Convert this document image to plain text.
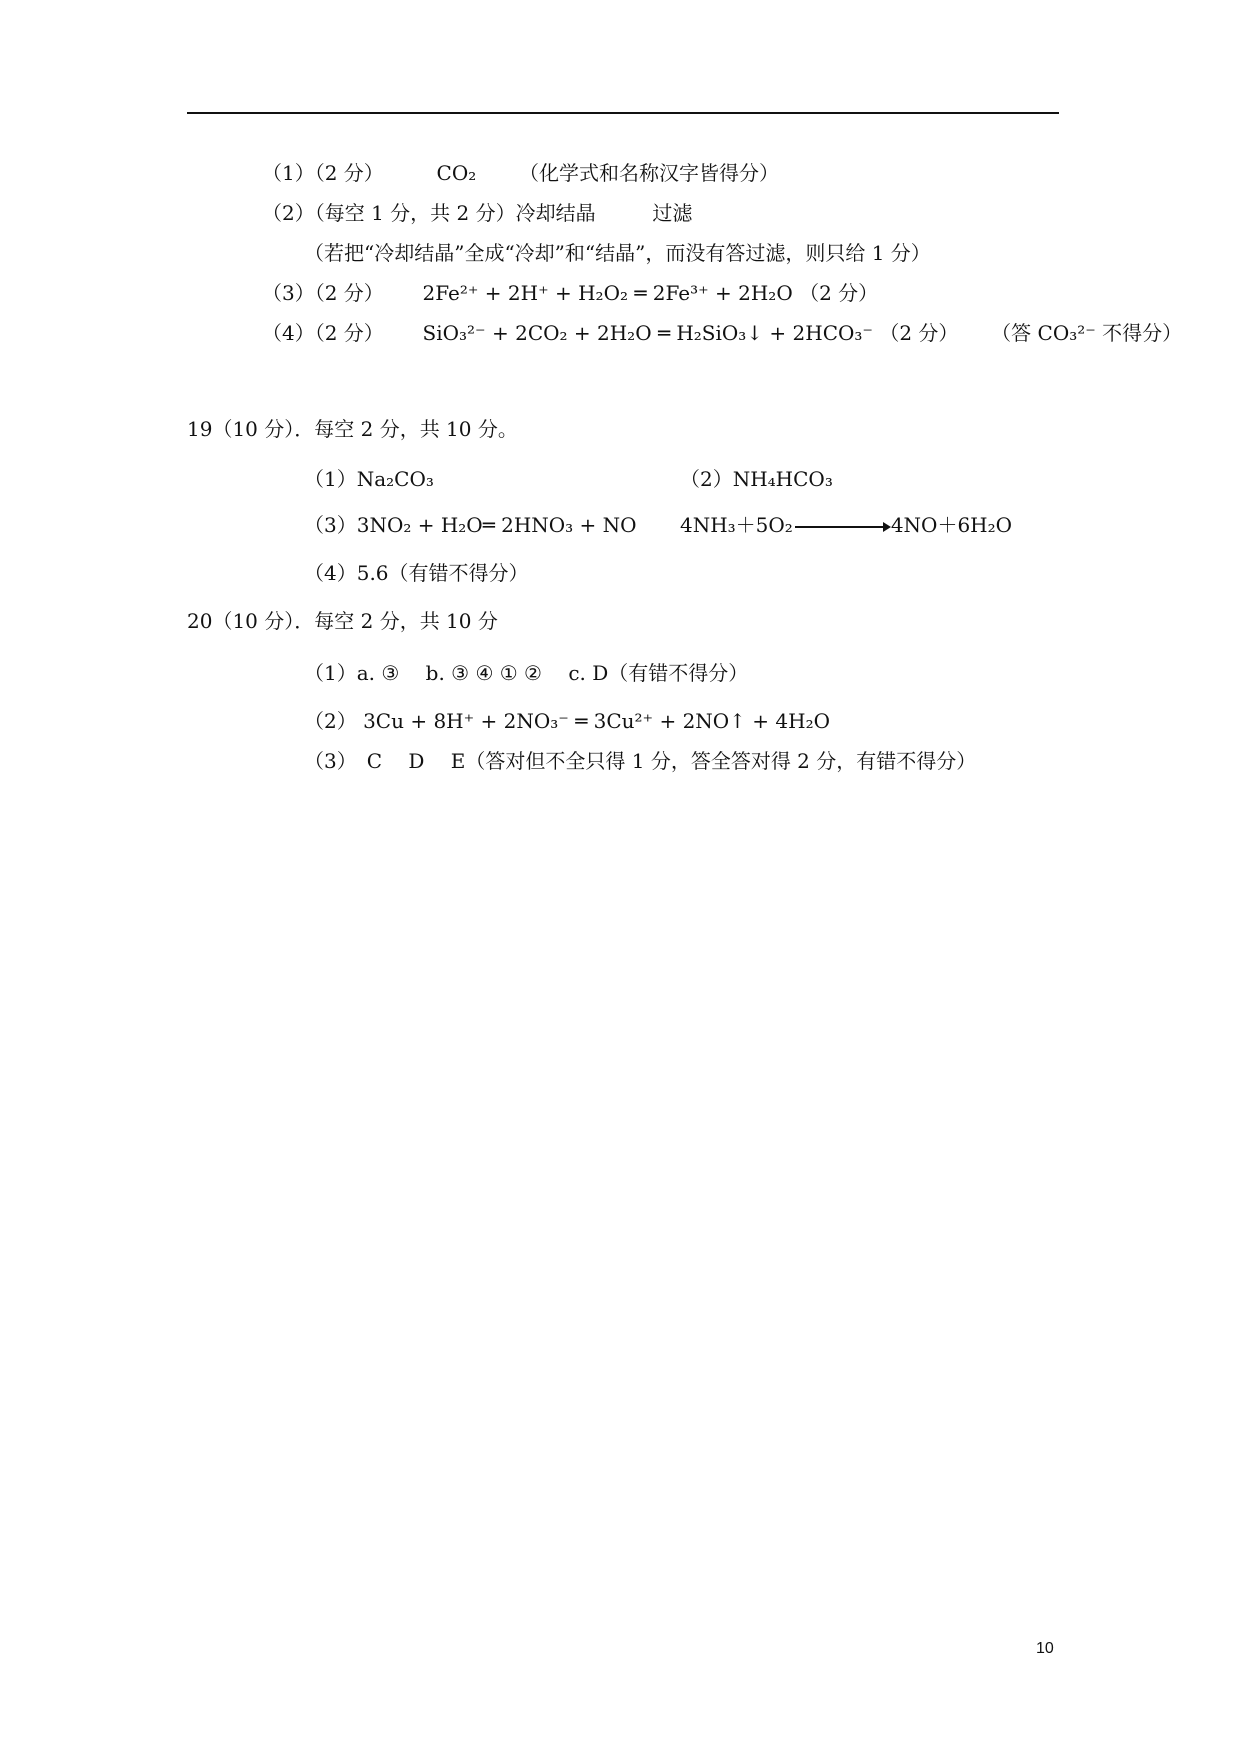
（1）（2 分）	CO₂ （化学式和名称汉字皆得分）
（2）（每空 1 分，共 2 分）冷却结晶	过滤
（若把“冷却结晶”全成“冷却”和“结晶”，而没有答过滤，则只给 1 分）
（3）（2 分） 2Fe²⁺ + 2H⁺ + H₂O₂ ═ 2Fe³⁺ + 2H₂O （2 分）
（4）（2 分） SiO₃²⁻ + 2CO₂ + 2H₂O ═ H₂SiO₃↓ + 2HCO₃⁻ （2 分） （答 CO₃²⁻ 不得分）
19（10 分）．每空 2 分，共 10 分。
（1）Na₂CO₃	（2）NH₄HCO₃
（3）3NO₂ + H₂O═ 2HNO₃ + NO 4NH₃＋5O₂	4NO＋6H₂O
（4）5.6（有错不得分）
20（10 分）．每空 2 分，共 10 分
（1）a. ③　 b. ③ ④ ① ②　 c. D（有错不得分）
（2） 3Cu + 8H⁺ + 2NO₃⁻ ═ 3Cu²⁺ + 2NO↑ + 4H₂O
（3）　C　 D　 E（答对但不全只得 1 分，答全答对得 2 分，有错不得分）
10
